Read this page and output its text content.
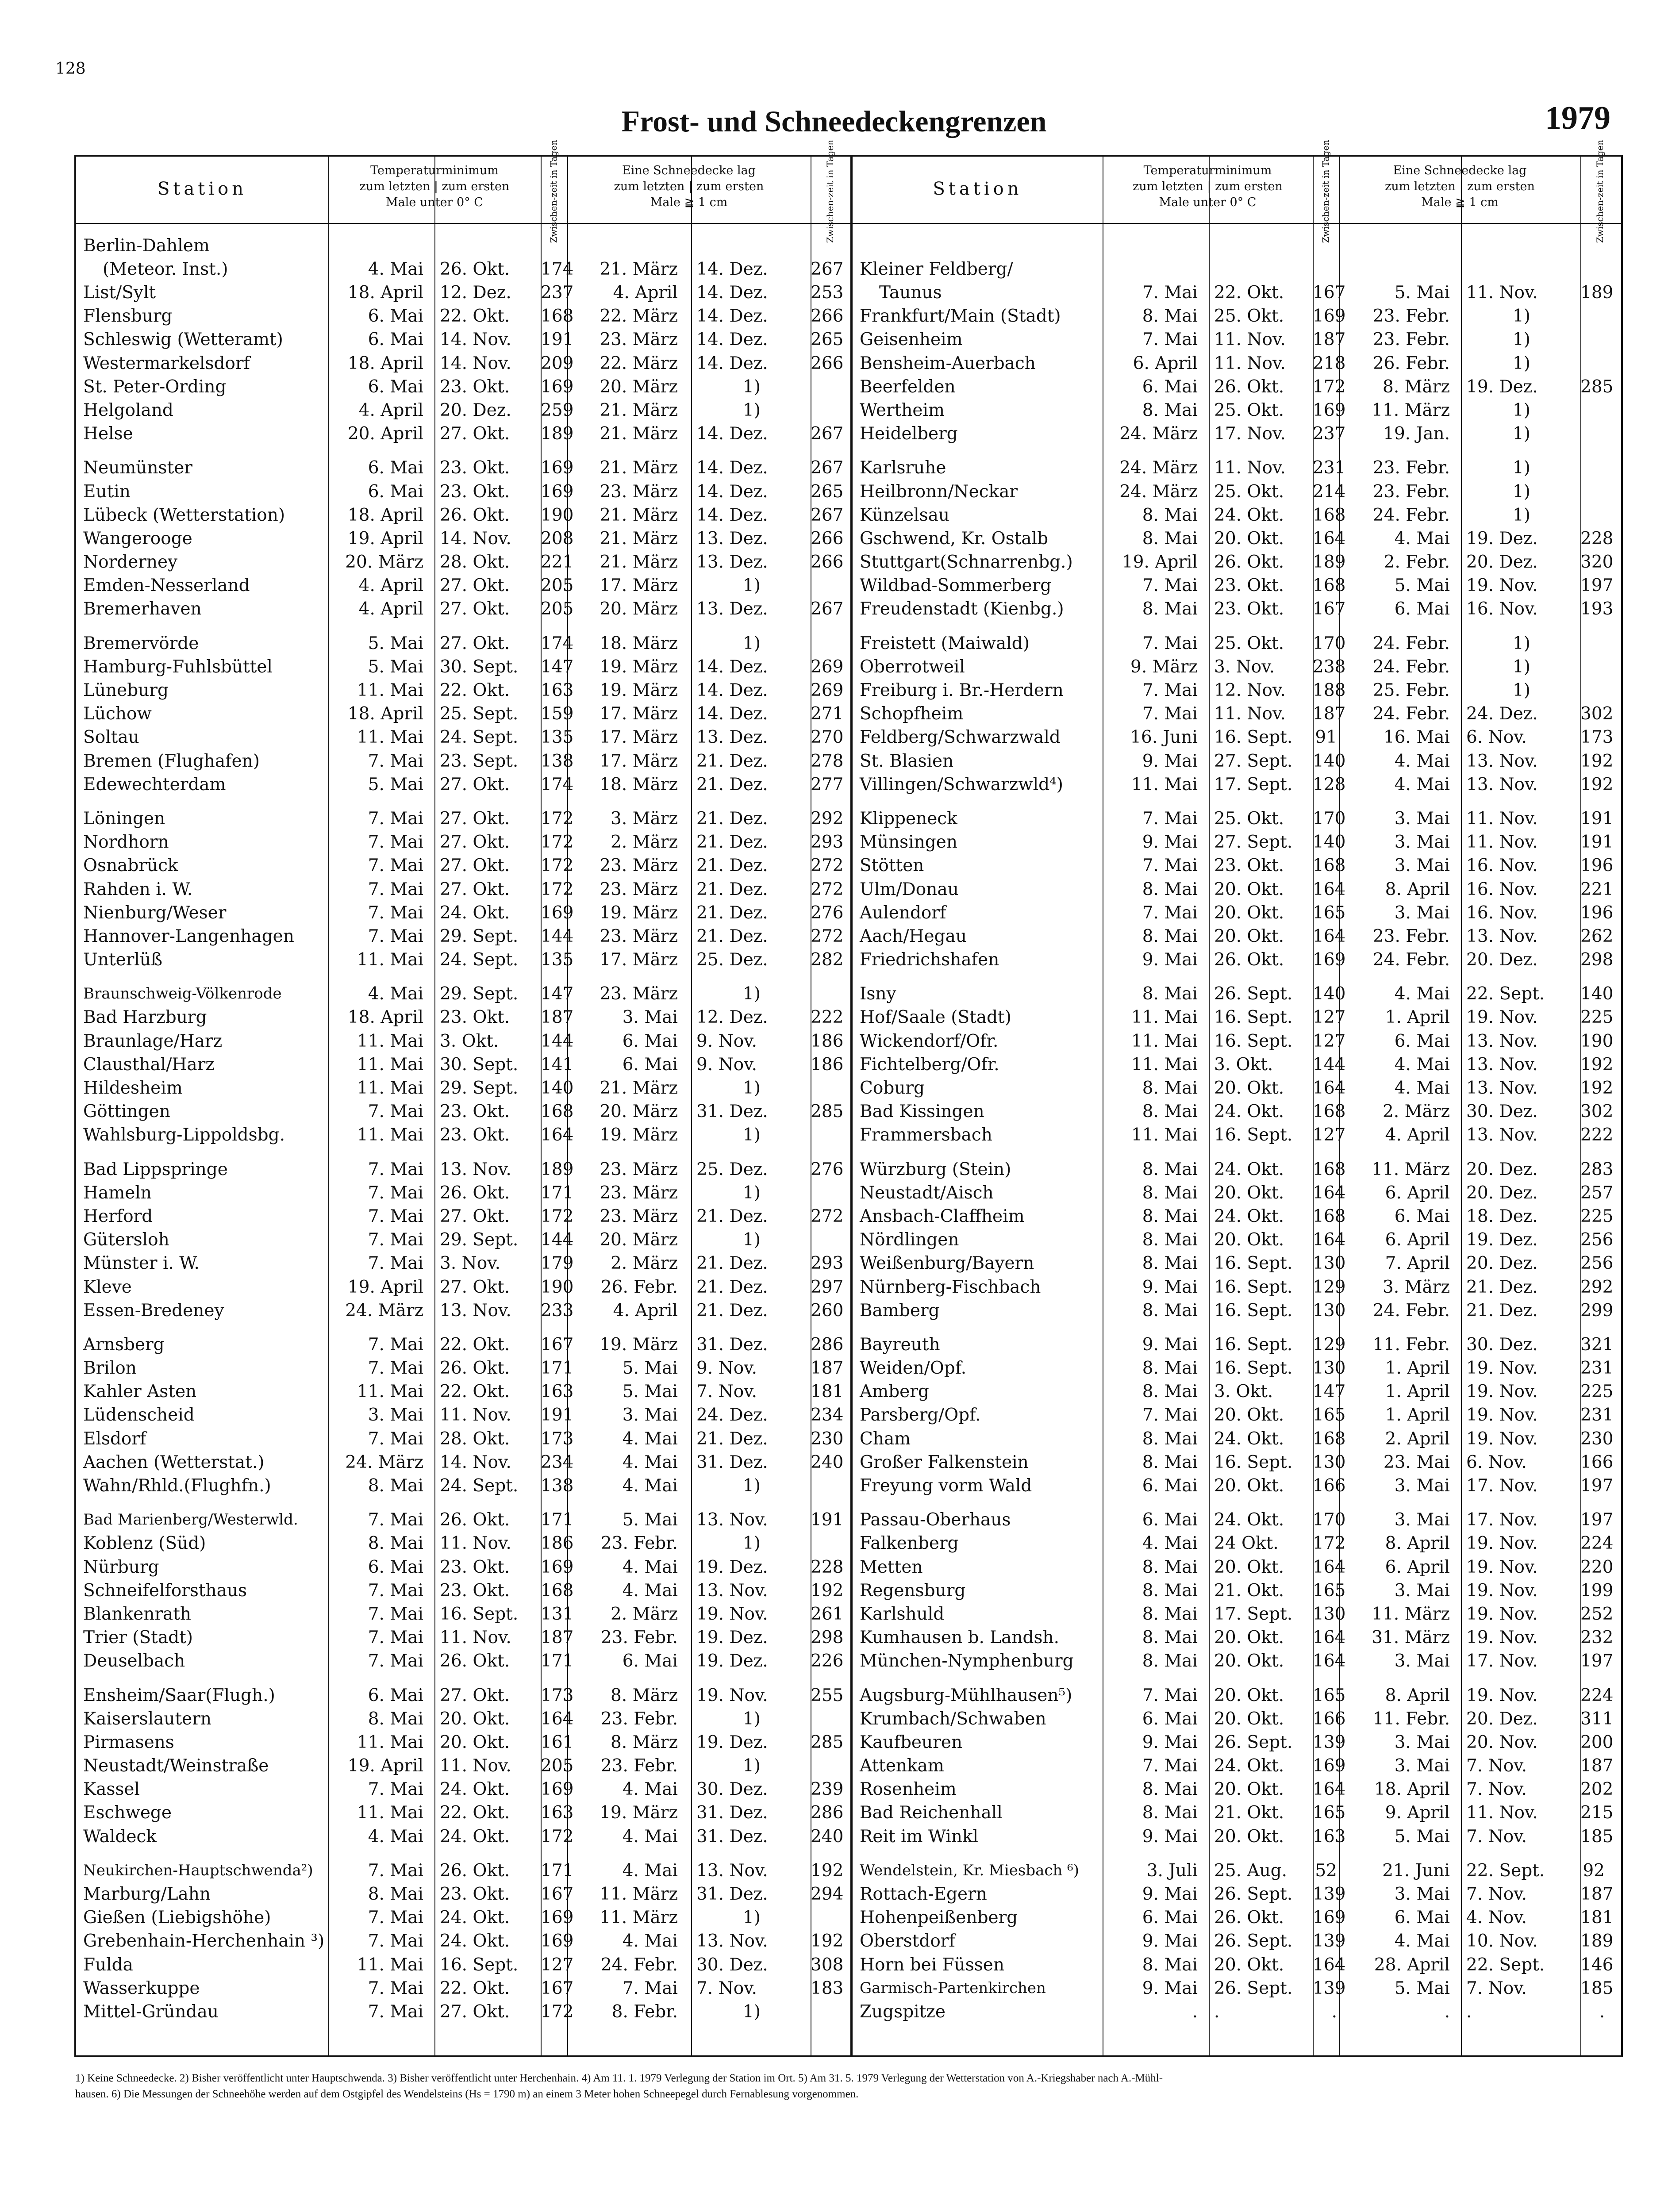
128
Frost- und Schneedeckengrenzen	1979
Station
Temperaturminimum
zum letzten | zum ersten
Male unter 0° C	Zwischen-zeit in Tagen	Eine Schneedecke lag
zum letzten | zum ersten
Male ≧ 1 cm	Zwischen-zeit in Tagen
Berlin-Dahlem
(Meteor. Inst.)	4. Mai 26. Okt.	174	21. März 14. Dez.	267
List/Sylt	18. April 12. Dez.	237	4. April 14. Dez.	253
Flensburg	6. Mai 22. Okt.	168	22. März 14. Dez.	266
Schleswig (Wetteramt)	6. Mai 14. Nov.	191	23. März 14. Dez.	265
Westermarkelsdorf	18. April 14. Nov.	209	22. März 14. Dez.	266
St. Peter-Ording	6. Mai 23. Okt.	169	20. März	1)
Helgoland	4. April 20. Dez.	259	21. März	1)
Helse	20. April 27. Okt.	189	21. März 14. Dez.	267
Neumünster	6. Mai 23. Okt.	169	21. März 14. Dez.	267
Eutin	6. Mai 23. Okt.	169	23. März 14. Dez.	265
Lübeck (Wetterstation)	18. April 26. Okt.	190	21. März 14. Dez.	267
Wangerooge	19. April 14. Nov.	208	21. März 13. Dez.	266
Norderney	20. März 28. Okt.	221	21. März 13. Dez.	266
Emden-Nesserland	4. April 27. Okt.	205	17. März	1)
Bremerhaven	4. April 27. Okt.	205	20. März 13. Dez.	267
Bremervörde	5. Mai 27. Okt.	174	18. März	1)
Hamburg-Fuhlsbüttel	5. Mai 30. Sept.	147	19. März 14. Dez.	269
Lüneburg	11. Mai 22. Okt.	163	19. März 14. Dez.	269
Lüchow	18. April 25. Sept.	159	17. März 14. Dez.	271
Soltau	11. Mai 24. Sept.	135	17. März 13. Dez.	270
Bremen (Flughafen)	7. Mai 23. Sept.	138	17. März 21. Dez.	278
Edewechterdam	5. Mai 27. Okt.	174	18. März 21. Dez.	277
Löningen	7. Mai 27. Okt.	172	3. März 21. Dez.	292
Nordhorn	7. Mai 27. Okt.	172	2. März 21. Dez.	293
Osnabrück	7. Mai 27. Okt.	172	23. März 21. Dez.	272
Rahden i. W.	7. Mai 27. Okt.	172	23. März 21. Dez.	272
Nienburg/Weser	7. Mai 24. Okt.	169	19. März 21. Dez.	276
Hannover-Langenhagen	7. Mai 29. Sept.	144	23. März 21. Dez.	272
Unterlüß	11. Mai 24. Sept.	135	17. März 25. Dez.	282
Braunschweig-Völkenrode	4. Mai 29. Sept.	147	23. März	1)
Bad Harzburg	18. April 23. Okt.	187	3. Mai 12. Dez.	222
Braunlage/Harz	11. Mai 3. Okt.	144	6. Mai 9. Nov.	186
Clausthal/Harz	11. Mai 30. Sept.	141	6. Mai 9. Nov.	186
Hildesheim	11. Mai 29. Sept.	140	21. März	1)
Göttingen	7. Mai 23. Okt.	168	20. März 31. Dez.	285
Wahlsburg-Lippoldsbg.	11. Mai 23. Okt.	164	19. März	1)
Bad Lippspringe	7. Mai 13. Nov.	189	23. März 25. Dez.	276
Hameln	7. Mai 26. Okt.	171	23. März	1)
Herford	7. Mai 27. Okt.	172	23. März 21. Dez.	272
Gütersloh	7. Mai 29. Sept.	144	20. März	1)
Münster i. W.	7. Mai 3. Nov.	179	2. März 21. Dez.	293
Kleve	19. April 27. Okt.	190	26. Febr. 21. Dez.	297
Essen-Bredeney	24. März 13. Nov.	233	4. April 21. Dez.	260
Arnsberg	7. Mai 22. Okt.	167	19. März 31. Dez.	286
Brilon	7. Mai 26. Okt.	171	5. Mai 9. Nov.	187
Kahler Asten	11. Mai 22. Okt.	163	5. Mai 7. Nov.	181
Lüdenscheid	3. Mai 11. Nov.	191	3. Mai 24. Dez.	234
Elsdorf	7. Mai 28. Okt.	173	4. Mai 21. Dez.	230
Aachen (Wetterstat.)	24. März 14. Nov.	234	4. Mai 31. Dez.	240
Wahn/Rhld.(Flughfn.)	8. Mai 24. Sept.	138	4. Mai	1)
Bad Marienberg/Westerwld.	7. Mai 26. Okt.	171	5. Mai 13. Nov.	191
Koblenz (Süd)	8. Mai 11. Nov.	186	23. Febr.	1)
Nürburg	6. Mai 23. Okt.	169	4. Mai 19. Dez.	228
Schneifelforsthaus	7. Mai 23. Okt.	168	4. Mai 13. Nov.	192
Blankenrath	7. Mai 16. Sept.	131	2. März 19. Nov.	261
Trier (Stadt)	7. Mai 11. Nov.	187	23. Febr. 19. Dez.	298
Deuselbach	7. Mai 26. Okt.	171	6. Mai 19. Dez.	226
Ensheim/Saar(Flugh.)	6. Mai 27. Okt.	173	8. März 19. Nov.	255
Kaiserslautern	8. Mai 20. Okt.	164	23. Febr.	1)
Pirmasens	11. Mai 20. Okt.	161	8. März 19. Dez.	285
Neustadt/Weinstraße	19. April 11. Nov.	205	23. Febr.	1)
Kassel	7. Mai 24. Okt.	169	4. Mai 30. Dez.	239
Eschwege	11. Mai 22. Okt.	163	19. März 31. Dez.	286
Waldeck	4. Mai 24. Okt.	172	4. Mai 31. Dez.	240
Neukirchen-Hauptschwenda²)	7. Mai 26. Okt.	171	4. Mai 13. Nov.	192
Marburg/Lahn	8. Mai 23. Okt.	167	11. März 31. Dez.	294
Gießen (Liebigshöhe)	7. Mai 24. Okt.	169	11. März	1)
Grebenhain-Herchenhain ³)	7. Mai 24. Okt.	169	4. Mai 13. Nov.	192
Fulda	11. Mai 16. Sept.	127	24. Febr. 30. Dez.	308
Wasserkuppe	7. Mai 22. Okt.	167	7. Mai 7. Nov.	183
Mittel-Gründau	7. Mai 27. Okt.	172	8. Febr.	1)
Station
Temperaturminimum
zum letzten | zum ersten
Male unter 0° C	Zwischen-zeit in Tagen	Eine Schneedecke lag
zum letzten | zum ersten
Male ≧ 1 cm	Zwischen-zeit in Tagen
Kleiner Feldberg/
Taunus	7. Mai 22. Okt.	167	5. Mai 11. Nov.	189
Frankfurt/Main (Stadt)	8. Mai 25. Okt.	169	23. Febr.	1)
Geisenheim	7. Mai 11. Nov.	187	23. Febr.	1)
Bensheim-Auerbach	6. April 11. Nov.	218	26. Febr.	1)
Beerfelden	6. Mai 26. Okt.	172	8. März 19. Dez.	285
Wertheim	8. Mai 25. Okt.	169	11. März	1)
Heidelberg	24. März 17. Nov.	237	19. Jan.	1)
Karlsruhe	24. März 11. Nov.	231	23. Febr.	1)
Heilbronn/Neckar	24. März 25. Okt.	214	23. Febr.	1)
Künzelsau	8. Mai 24. Okt.	168	24. Febr.	1)
Gschwend, Kr. Ostalb	8. Mai 20. Okt.	164	4. Mai 19. Dez.	228
Stuttgart(Schnarrenbg.)	19. April 26. Okt.	189	2. Febr. 20. Dez.	320
Wildbad-Sommerberg	7. Mai 23. Okt.	168	5. Mai 19. Nov.	197
Freudenstadt (Kienbg.)	8. Mai 23. Okt.	167	6. Mai 16. Nov.	193
Freistett (Maiwald)	7. Mai 25. Okt.	170	24. Febr.	1)
Oberrotweil	9. März 3. Nov.	238	24. Febr.	1)
Freiburg i. Br.-Herdern	7. Mai 12. Nov.	188	25. Febr.	1)
Schopfheim	7. Mai 11. Nov.	187	24. Febr. 24. Dez.	302
Feldberg/Schwarzwald	16. Juni 16. Sept.	91	16. Mai 6. Nov.	173
St. Blasien	9. Mai 27. Sept.	140	4. Mai 13. Nov.	192
Villingen/Schwarzwld⁴)	11. Mai 17. Sept.	128	4. Mai 13. Nov.	192
Klippeneck	7. Mai 25. Okt.	170	3. Mai 11. Nov.	191
Münsingen	9. Mai 27. Sept.	140	3. Mai 11. Nov.	191
Stötten	7. Mai 23. Okt.	168	3. Mai 16. Nov.	196
Ulm/Donau	8. Mai 20. Okt.	164	8. April 16. Nov.	221
Aulendorf	7. Mai 20. Okt.	165	3. Mai 16. Nov.	196
Aach/Hegau	8. Mai 20. Okt.	164	23. Febr. 13. Nov.	262
Friedrichshafen	9. Mai 26. Okt.	169	24. Febr. 20. Dez.	298
Isny	8. Mai 26. Sept.	140	4. Mai 22. Sept.	140
Hof/Saale (Stadt)	11. Mai 16. Sept.	127	1. April 19. Nov.	225
Wickendorf/Ofr.	11. Mai 16. Sept.	127	6. Mai 13. Nov.	190
Fichtelberg/Ofr.	11. Mai 3. Okt.	144	4. Mai 13. Nov.	192
Coburg	8. Mai 20. Okt.	164	4. Mai 13. Nov.	192
Bad Kissingen	8. Mai 24. Okt.	168	2. März 30. Dez.	302
Frammersbach	11. Mai 16. Sept.	127	4. April 13. Nov.	222
Würzburg (Stein)	8. Mai 24. Okt.	168	11. März 20. Dez.	283
Neustadt/Aisch	8. Mai 20. Okt.	164	6. April 20. Dez.	257
Ansbach-Claffheim	8. Mai 24. Okt.	168	6. Mai 18. Dez.	225
Nördlingen	8. Mai 20. Okt.	164	6. April 19. Dez.	256
Weißenburg/Bayern	8. Mai 16. Sept.	130	7. April 20. Dez.	256
Nürnberg-Fischbach	9. Mai 16. Sept.	129	3. März 21. Dez.	292
Bamberg	8. Mai 16. Sept.	130	24. Febr. 21. Dez.	299
Bayreuth	9. Mai 16. Sept.	129	11. Febr. 30. Dez.	321
Weiden/Opf.	8. Mai 16. Sept.	130	1. April 19. Nov.	231
Amberg	8. Mai 3. Okt.	147	1. April 19. Nov.	225
Parsberg/Opf.	7. Mai 20. Okt.	165	1. April 19. Nov.	231
Cham	8. Mai 24. Okt.	168	2. April 19. Nov.	230
Großer Falkenstein	8. Mai 16. Sept.	130	23. Mai 6. Nov.	166
Freyung vorm Wald	6. Mai 20. Okt.	166	3. Mai 17. Nov.	197
Passau-Oberhaus	6. Mai 24. Okt.	170	3. Mai 17. Nov.	197
Falkenberg	4. Mai 24 Okt.	172	8. April 19. Nov.	224
Metten	8. Mai 20. Okt.	164	6. April 19. Nov.	220
Regensburg	8. Mai 21. Okt.	165	3. Mai 19. Nov.	199
Karlshuld	8. Mai 17. Sept.	130	11. März 19. Nov.	252
Kumhausen b. Landsh.	8. Mai 20. Okt.	164	31. März 19. Nov.	232
München-Nymphenburg	8. Mai 20. Okt.	164	3. Mai 17. Nov.	197
Augsburg-Mühlhausen⁵)	7. Mai 20. Okt.	165	8. April 19. Nov.	224
Krumbach/Schwaben	6. Mai 20. Okt.	166	11. Febr. 20. Dez.	311
Kaufbeuren	9. Mai 26. Sept.	139	3. Mai 20. Nov.	200
Attenkam	7. Mai 24. Okt.	169	3. Mai 7. Nov.	187
Rosenheim	8. Mai 20. Okt.	164	18. April 7. Nov.	202
Bad Reichenhall	8. Mai 21. Okt.	165	9. April 11. Nov.	215
Reit im Winkl	9. Mai 20. Okt.	163	5. Mai 7. Nov.	185
Wendelstein, Kr. Miesbach ⁶)	3. Juli 25. Aug.	52	21. Juni 22. Sept.	92
Rottach-Egern	9. Mai 26. Sept.	139	3. Mai 7. Nov.	187
Hohenpeißenberg	6. Mai 26. Okt.	169	6. Mai 4. Nov.	181
Oberstdorf	9. Mai 26. Sept.	139	4. Mai 10. Nov.	189
Horn bei Füssen	8. Mai 20. Okt.	164	28. April 22. Sept.	146
Garmisch-Partenkirchen	9. Mai 26. Sept.	139	5. Mai 7. Nov.	185
Zugspitze	. .	.	. .	.
1) Keine Schneedecke. 2) Bisher veröffentlicht unter Hauptschwenda. 3) Bisher veröffentlicht unter Herchenhain. 4) Am 11. 1. 1979 Verlegung der Station im Ort. 5) Am 31. 5. 1979 Verlegung der Wetterstation von A.-Kriegshaber nach A.-Mühl-
hausen. 6) Die Messungen der Schneehöhe werden auf dem Ostgipfel des Wendelsteins (Hs = 1790 m) an einem 3 Meter hohen Schneepegel durch Fernablesung vorgenommen.
